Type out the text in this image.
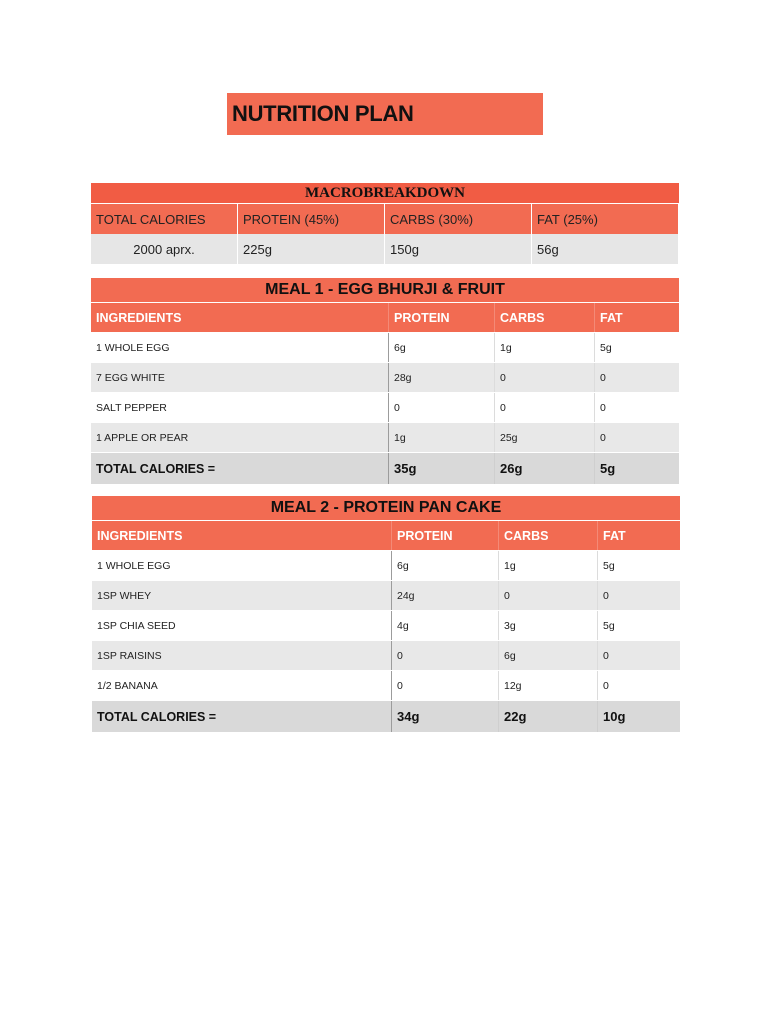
NUTRITION PLAN
MACROBREAKDOWN
TOTAL CALORIES	PROTEIN (45%)	CARBS (30%)	FAT (25%)
2000 aprx.	225g	150g	56g
MEAL 1 - EGG BHURJI & FRUIT
INGREDIENTS	PROTEIN	CARBS	FAT
1 WHOLE EGG	6g	1g	5g
7 EGG WHITE	28g	0	0
SALT PEPPER	0	0	0
1 APPLE OR PEAR	1g	25g	0
TOTAL CALORIES =	35g	26g	5g
MEAL 2 - PROTEIN PAN CAKE
INGREDIENTS	PROTEIN	CARBS	FAT
1 WHOLE EGG	6g	1g	5g
1SP WHEY	24g	0	0
1SP CHIA SEED	4g	3g	5g
1SP RAISINS	0	6g	0
1/2 BANANA	0	12g	0
TOTAL CALORIES =	34g	22g	10g
